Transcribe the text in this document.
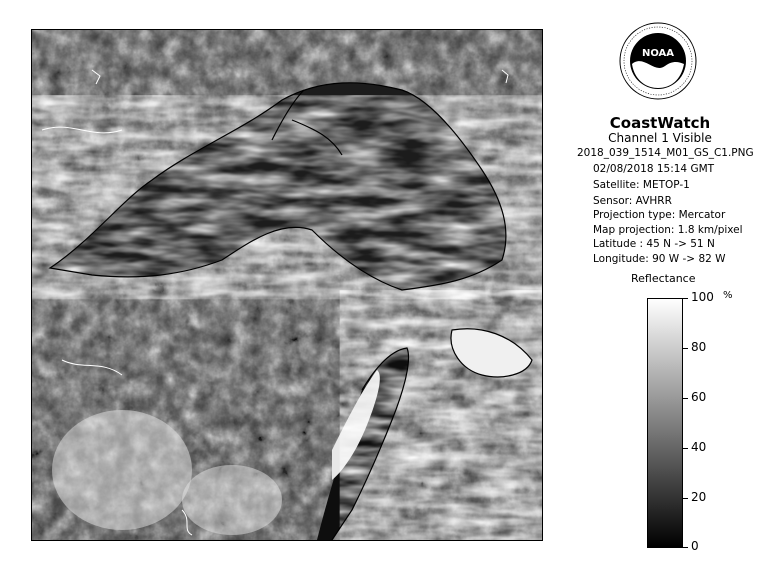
NOAA
CoastWatch
Channel 1 Visible
2018_039_1514_M01_GS_C1.PNG
02/08/2018 15:14 GMT
Satellite: METOP-1
Sensor: AVHRR
Projection type: Mercator
Map projection: 1.8 km/pixel
Latitude : 45 N -> 51 N
Longitude: 90 W -> 82 W
Reflectance
%
100
80
60
40
20
0
